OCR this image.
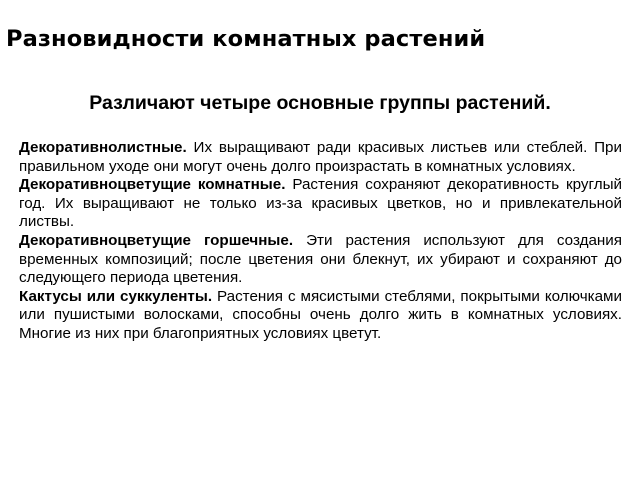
Разновидности комнатных растений
Различают четыре основные группы растений.

Декоративнолистные. Их выращивают ради красивых листьев или стеблей. При правильном уходе они могут очень долго произрастать в комнатных условиях.

Декоративноцветущие комнатные. Растения сохраняют декоративность круглый год. Их выращивают не только из-за красивых цветков, но и привлекательной листвы.

Декоративноцветущие горшечные. Эти растения используют для создания временных композиций; после цветения они блекнут, их убирают и сохраняют до следующего периода цветения.

Кактусы или суккуленты. Растения с мясистыми стеблями, покрытыми колючками или пушистыми волосками, способны очень долго жить в комнатных условиях. Многие из них при благоприятных условиях цветут.
